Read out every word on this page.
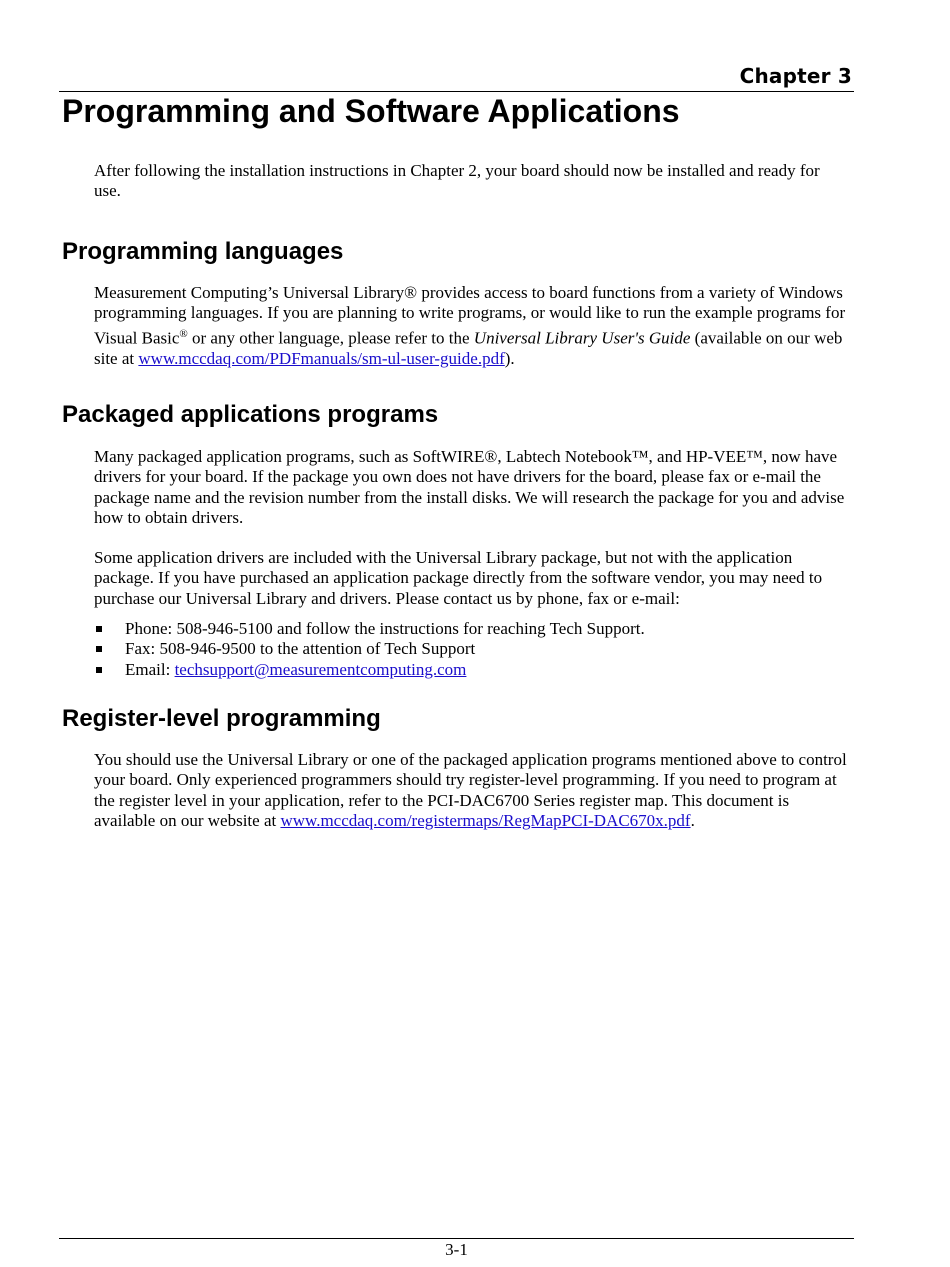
Chapter 3
Programming and Software Applications

After following the installation instructions in Chapter 2, your board should now be installed and ready for use.

Programming languages

Measurement Computing’s Universal Library® provides access to board functions from a variety of Windows programming languages. If you are planning to write programs, or would like to run the example programs for Visual Basic® or any other language, please refer to the Universal Library User's Guide (available on our web site at www.mccdaq.com/PDFmanuals/sm-ul-user-guide.pdf).

Packaged applications programs

Many packaged application programs, such as SoftWIRE®, Labtech Notebook™, and HP-VEE™, now have drivers for your board. If the package you own does not have drivers for the board, please fax or e-mail the package name and the revision number from the install disks. We will research the package for you and advise how to obtain drivers.

Some application drivers are included with the Universal Library package, but not with the application package. If you have purchased an application package directly from the software vendor, you may need to purchase our Universal Library and drivers. Please contact us by phone, fax or e-mail:

Phone: 508-946-5100 and follow the instructions for reaching Tech Support.
Fax: 508-946-9500 to the attention of Tech Support
Email: techsupport@measurementcomputing.com
Register-level programming

You should use the Universal Library or one of the packaged application programs mentioned above to control your board. Only experienced programmers should try register-level programming. If you need to program at the register level in your application, refer to the PCI-DAC6700 Series register map. This document is available on our website at www.mccdaq.com/registermaps/RegMapPCI-DAC670x.pdf.

3-1
